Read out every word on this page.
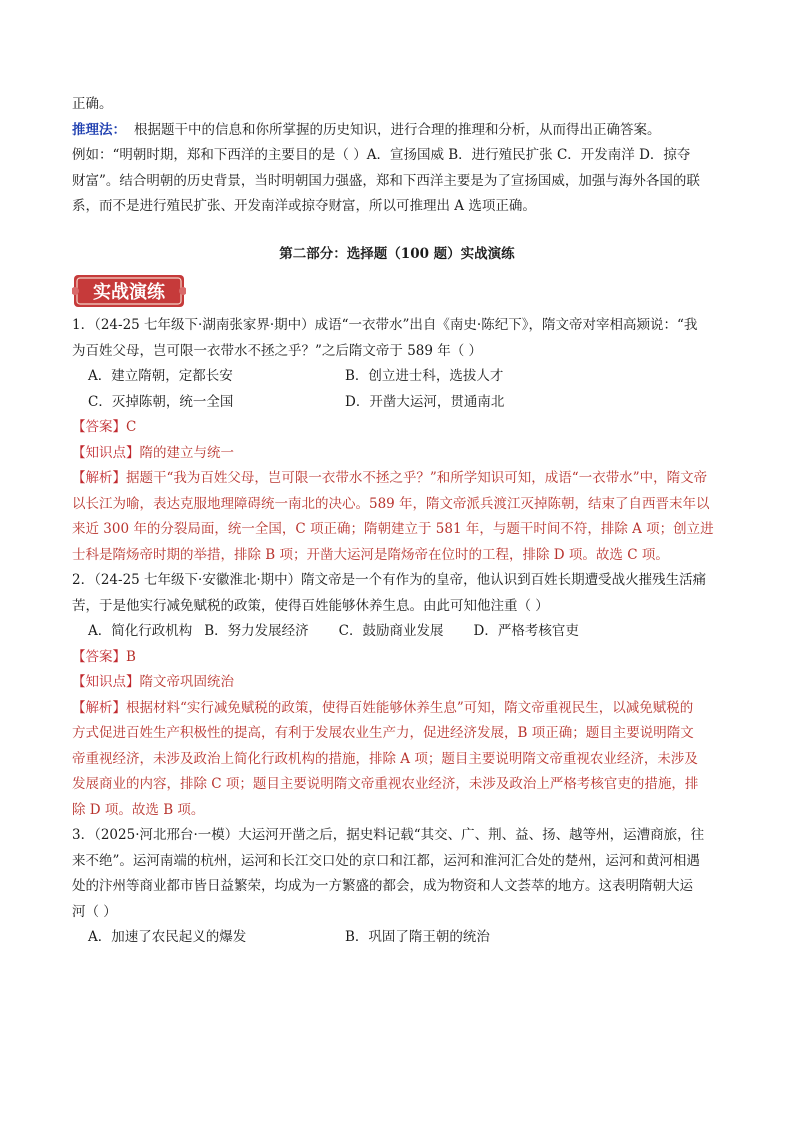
正确。

推理法： 根据题干中的信息和你所掌握的历史知识，进行合理的推理和分析，从而得出正确答案。

例如：“明朝时期，郑和下西洋的主要目的是（ ）A．宣扬国威 B．进行殖民扩张 C．开发南洋 D．掠夺

财富”。结合明朝的历史背景，当时明朝国力强盛，郑和下西洋主要是为了宣扬国威，加强与海外各国的联

系，而不是进行殖民扩张、开发南洋或掠夺财富，所以可推理出 A 选项正确。

第二部分：选择题（100 题）实战演练

实战演练

1．（24-25 七年级下·湖南张家界·期中）成语“一衣带水”出自《南史·陈纪下》，隋文帝对宰相高颎说：“我

为百姓父母，岂可限一衣带水不拯之乎？”之后隋文帝于 589 年（ ）

A．建立隋朝，定都长安	B．创立进士科，选拔人才

C．灭掉陈朝，统一全国	D．开凿大运河，贯通南北

【答案】C

【知识点】隋的建立与统一

【解析】据题干“我为百姓父母，岂可限一衣带水不拯之乎？”和所学知识可知，成语“一衣带水”中，隋文帝

以长江为喻，表达克服地理障碍统一南北的决心。589 年，隋文帝派兵渡江灭掉陈朝，结束了自西晋末年以

来近 300 年的分裂局面，统一全国，C 项正确；隋朝建立于 581 年，与题干时间不符，排除 A 项；创立进

士科是隋炀帝时期的举措，排除 B 项；开凿大运河是隋炀帝在位时的工程，排除 D 项。故选 C 项。

2．（24-25 七年级下·安徽淮北·期中）隋文帝是一个有作为的皇帝，他认识到百姓长期遭受战火摧残生活痛

苦，于是他实行减免赋税的政策，使得百姓能够休养生息。由此可知他注重（ ）

A．简化行政机构 B．努力发展经济 C．鼓励商业发展 D．严格考核官吏

【答案】B

【知识点】隋文帝巩固统治

【解析】根据材料“实行减免赋税的政策，使得百姓能够休养生息”可知，隋文帝重视民生，以减免赋税的

方式促进百姓生产积极性的提高，有利于发展农业生产力，促进经济发展，B 项正确；题目主要说明隋文

帝重视经济，未涉及政治上简化行政机构的措施，排除 A 项；题目主要说明隋文帝重视农业经济，未涉及

发展商业的内容，排除 C 项；题目主要说明隋文帝重视农业经济，未涉及政治上严格考核官吏的措施，排

除 D 项。故选 B 项。

3．（2025·河北邢台·一模）大运河开凿之后，据史料记载“其交、广、荆、益、扬、越等州，运漕商旅，往

来不绝”。运河南端的杭州，运河和长江交口处的京口和江都，运河和淮河汇合处的楚州，运河和黄河相遇

处的汴州等商业都市皆日益繁荣，均成为一方繁盛的都会，成为物资和人文荟萃的地方。这表明隋朝大运

河（ ）

A．加速了农民起义的爆发	B．巩固了隋王朝的统治
